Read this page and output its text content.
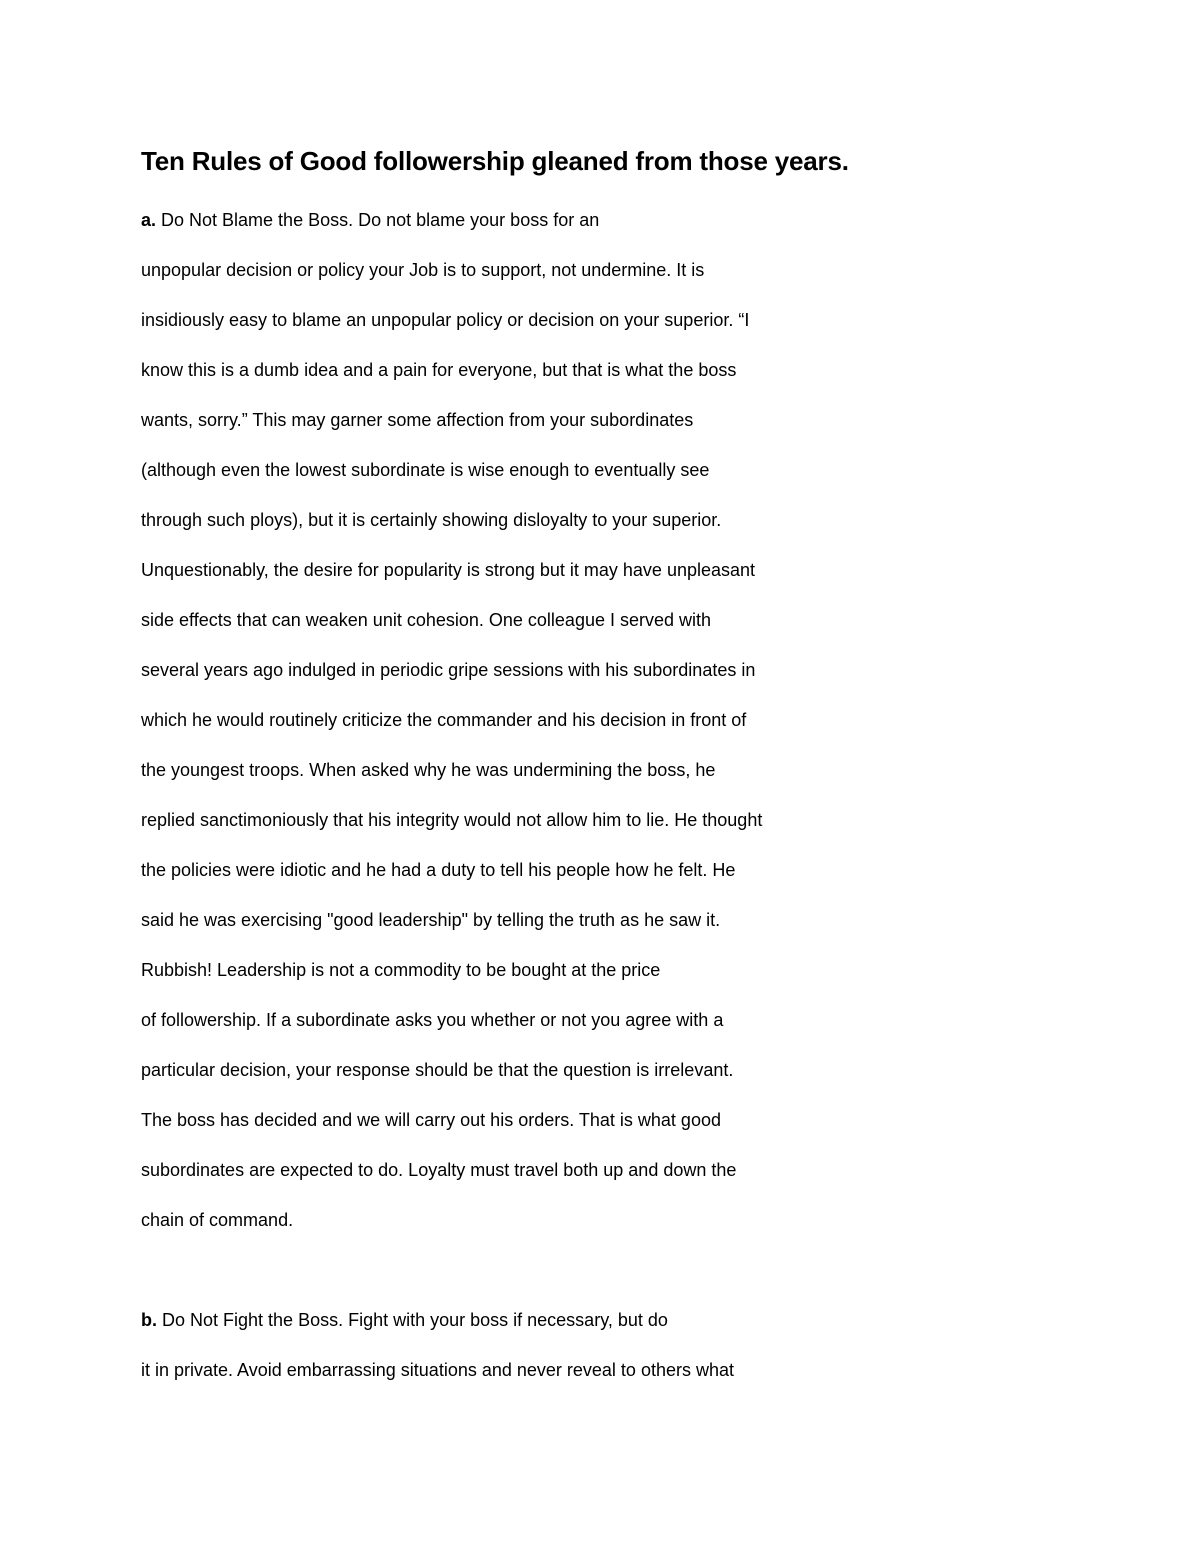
Ten Rules of Good followership gleaned from those years.
a. Do Not Blame the Boss. Do not blame your boss for an
unpopular decision or policy your Job is to support, not undermine. It is
insidiously easy to blame an unpopular policy or decision on your superior. “I
know this is a dumb idea and a pain for everyone, but that is what the boss
wants, sorry.” This may garner some affection from your subordinates
(although even the lowest subordinate is wise enough to eventually see
through such ploys), but it is certainly showing disloyalty to your superior.
Unquestionably, the desire for popularity is strong but it may have unpleasant
side effects that can weaken unit cohesion. One colleague I served with
several years ago indulged in periodic gripe sessions with his subordinates in
which he would routinely criticize the commander and his decision in front of
the youngest troops. When asked why he was undermining the boss, he
replied sanctimoniously that his integrity would not allow him to lie. He thought
the policies were idiotic and he had a duty to tell his people how he felt. He
said he was exercising "good leadership" by telling the truth as he saw it.
Rubbish! Leadership is not a commodity to be bought at the price
of followership. If a subordinate asks you whether or not you agree with a
particular decision, your response should be that the question is irrelevant.
The boss has decided and we will carry out his orders. That is what good
subordinates are expected to do. Loyalty must travel both up and down the
chain of command.
b. Do Not Fight the Boss. Fight with your boss if necessary, but do
it in private. Avoid embarrassing situations and never reveal to others what
